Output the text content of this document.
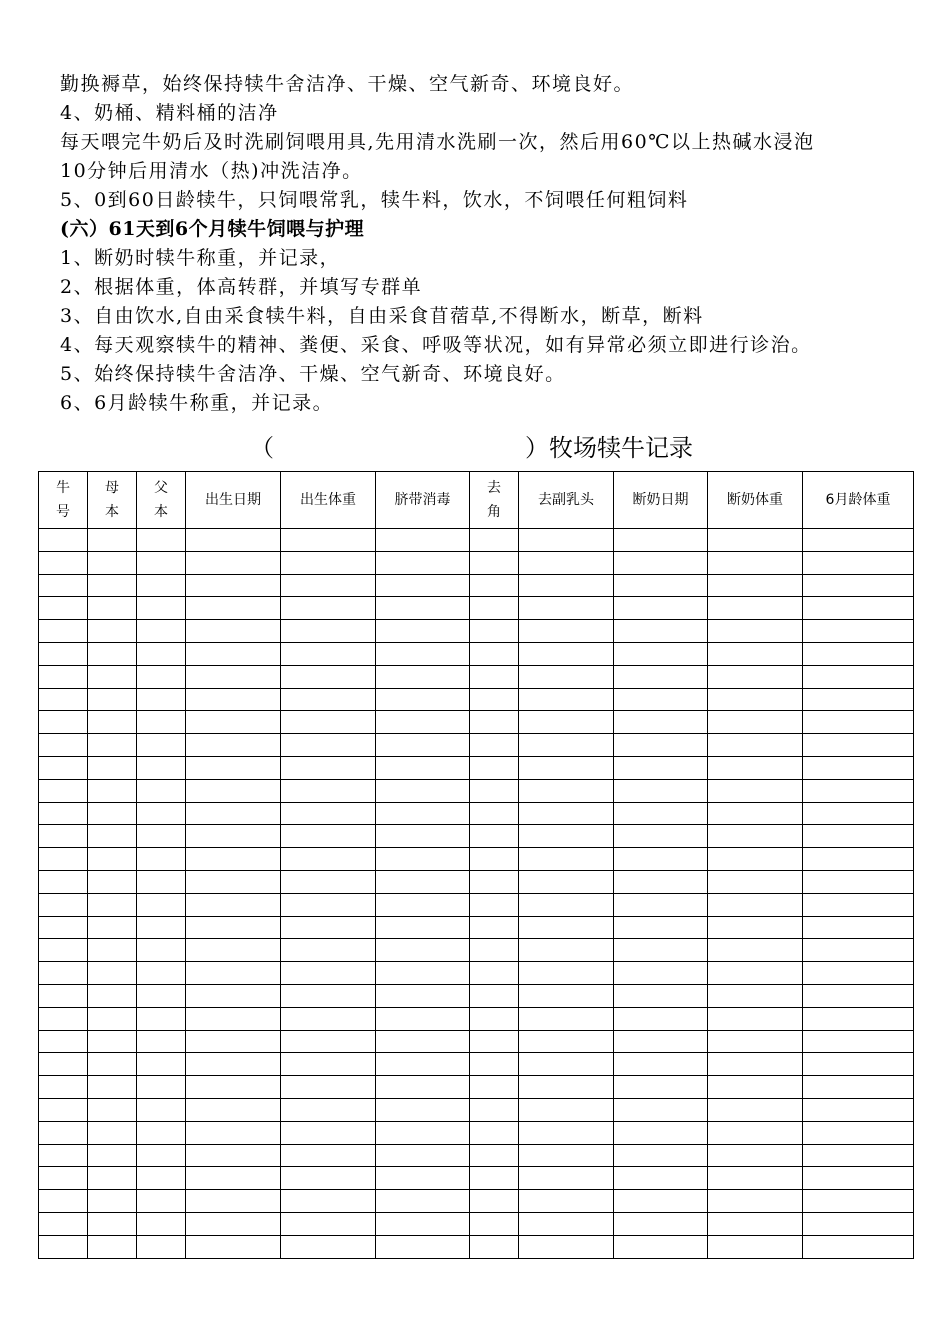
勤换褥草，始终保持犊牛舍洁净、干燥、空气新奇、环境良好。
4、奶桶、精料桶的洁净
每天喂完牛奶后及时洗刷饲喂用具,先用清水洗刷一次，然后用60℃以上热碱水浸泡
10分钟后用清水（热)冲洗洁净。
5、0到60日龄犊牛，只饲喂常乳，犊牛料，饮水，不饲喂任何粗饲料
(六）61天到6个月犊牛饲喂与护理
1、断奶时犊牛称重，并记录，
2、根据体重，体高转群，并填写专群单
3、自由饮水,自由采食犊牛料，自由采食苜蓿草,不得断水，断草，断料
4、每天观察犊牛的精神、粪便、采食、呼吸等状况，如有异常必须立即进行诊治。
5、始终保持犊牛舍洁净、干燥、空气新奇、环境良好。
6、6月龄犊牛称重，并记录。
（	）牧场犊牛记录
牛号	母本	父本	出生日期	出生体重	脐带消毒	去角	去副乳头	断奶日期	断奶体重	6月龄体重
